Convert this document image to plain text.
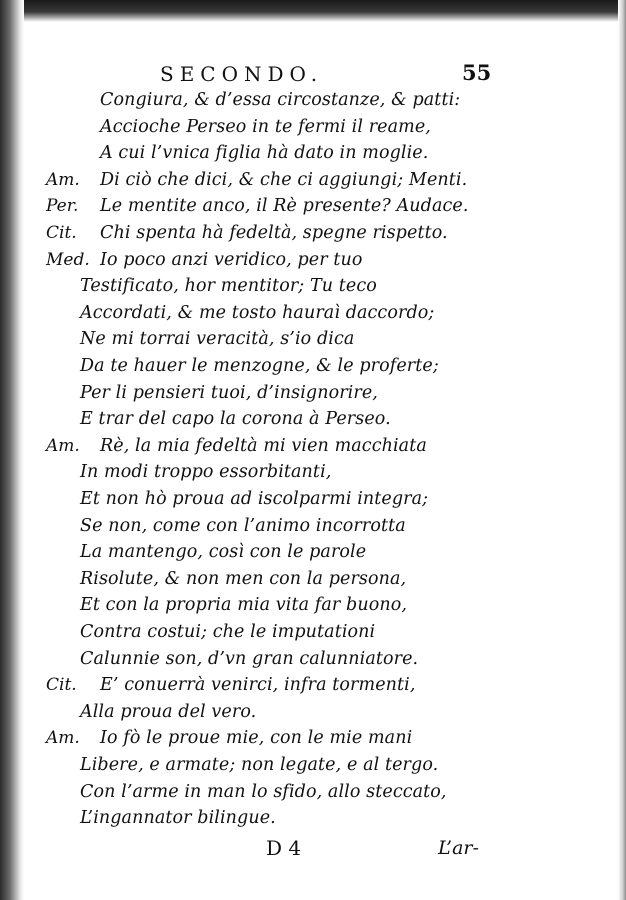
SECONDO.	55
Congiura, & d’essa circostanze, & patti:
Accioche Perseo in te fermi il reame,
A cui l’vnica figlia hà dato in moglie.
Am. Di ciò che dici, & che ci aggiungi; Menti.
Per. Le mentite anco, il Rè presente? Audace.
Cit. Chi spenta hà fedeltà, spegne rispetto.
Med. Io poco anzi veridico, per tuo
Testificato, hor mentitor; Tu teco
Accordati, & me tosto hauraì daccordo;
Ne mi torrai veracità, s’io dica
Da te hauer le menzogne, & le proferte;
Per li pensieri tuoi, d’insignorire,
E trar del capo la corona à Perseo.
Am. Rè, la mia fedeltà mi vien macchiata
In modi troppo essorbitanti,
Et non hò proua ad iscolparmi integra;
Se non, come con l’animo incorrotta
La mantengo, così con le parole
Risolute, & non men con la persona,
Et con la propria mia vita far buono,
Contra costui; che le imputationi
Calunnie son, d’vn gran calunniatore.
Cit. E’ conuerrà venirci, infra tormenti,
Alla proua del vero.
Am. Io fò le proue mie, con le mie mani
Libere, e armate; non legate, e al tergo.
Con l’arme in man lo sfido, allo steccato,
L’ingannator bilingue.
D 4	L’ar-
